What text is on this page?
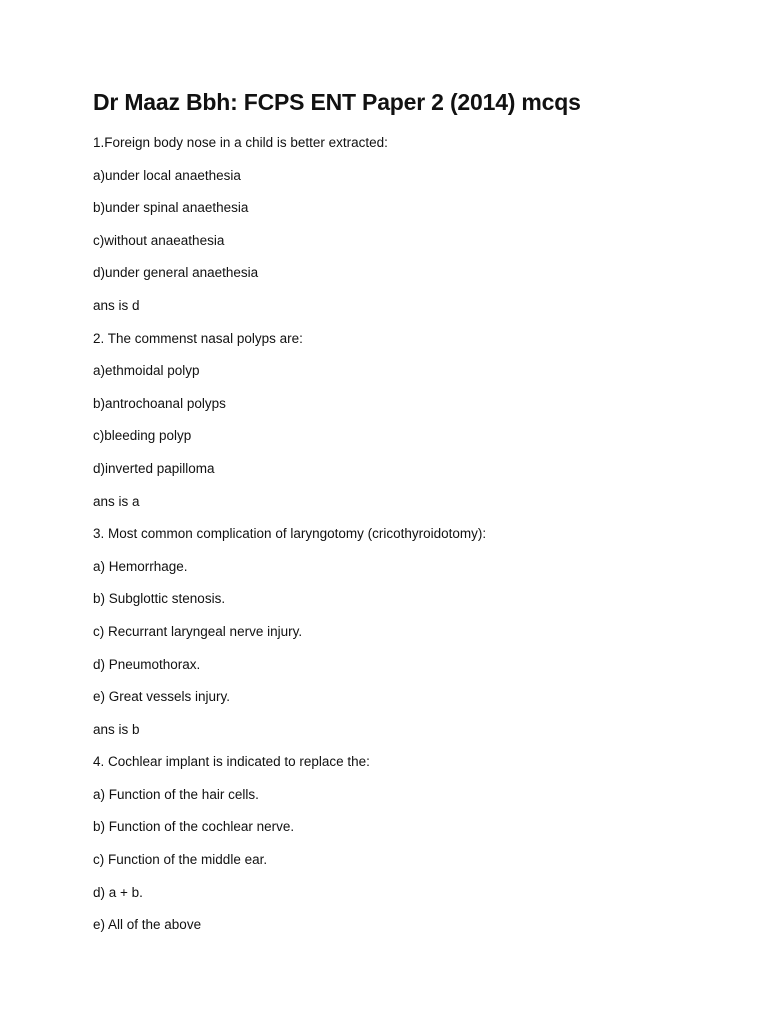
Dr Maaz Bbh: FCPS ENT Paper 2 (2014) mcqs
1.Foreign body nose in a child is better extracted:
a)under local anaethesia
b)under spinal anaethesia
c)without anaeathesia
d)under general anaethesia
ans is d
2. The commenst nasal polyps are:
a)ethmoidal polyp
b)antrochoanal polyps
c)bleeding polyp
d)inverted papilloma
ans is a
3. Most common complication of laryngotomy (cricothyroidotomy):
a) Hemorrhage.
b) Subglottic stenosis.
c) Recurrant laryngeal nerve injury.
d) Pneumothorax.
e) Great vessels injury.
ans is b
4. Cochlear implant is indicated to replace the:
a) Function of the hair cells.
b) Function of the cochlear nerve.
c) Function of the middle ear.
d) a + b.
e) All of the above
